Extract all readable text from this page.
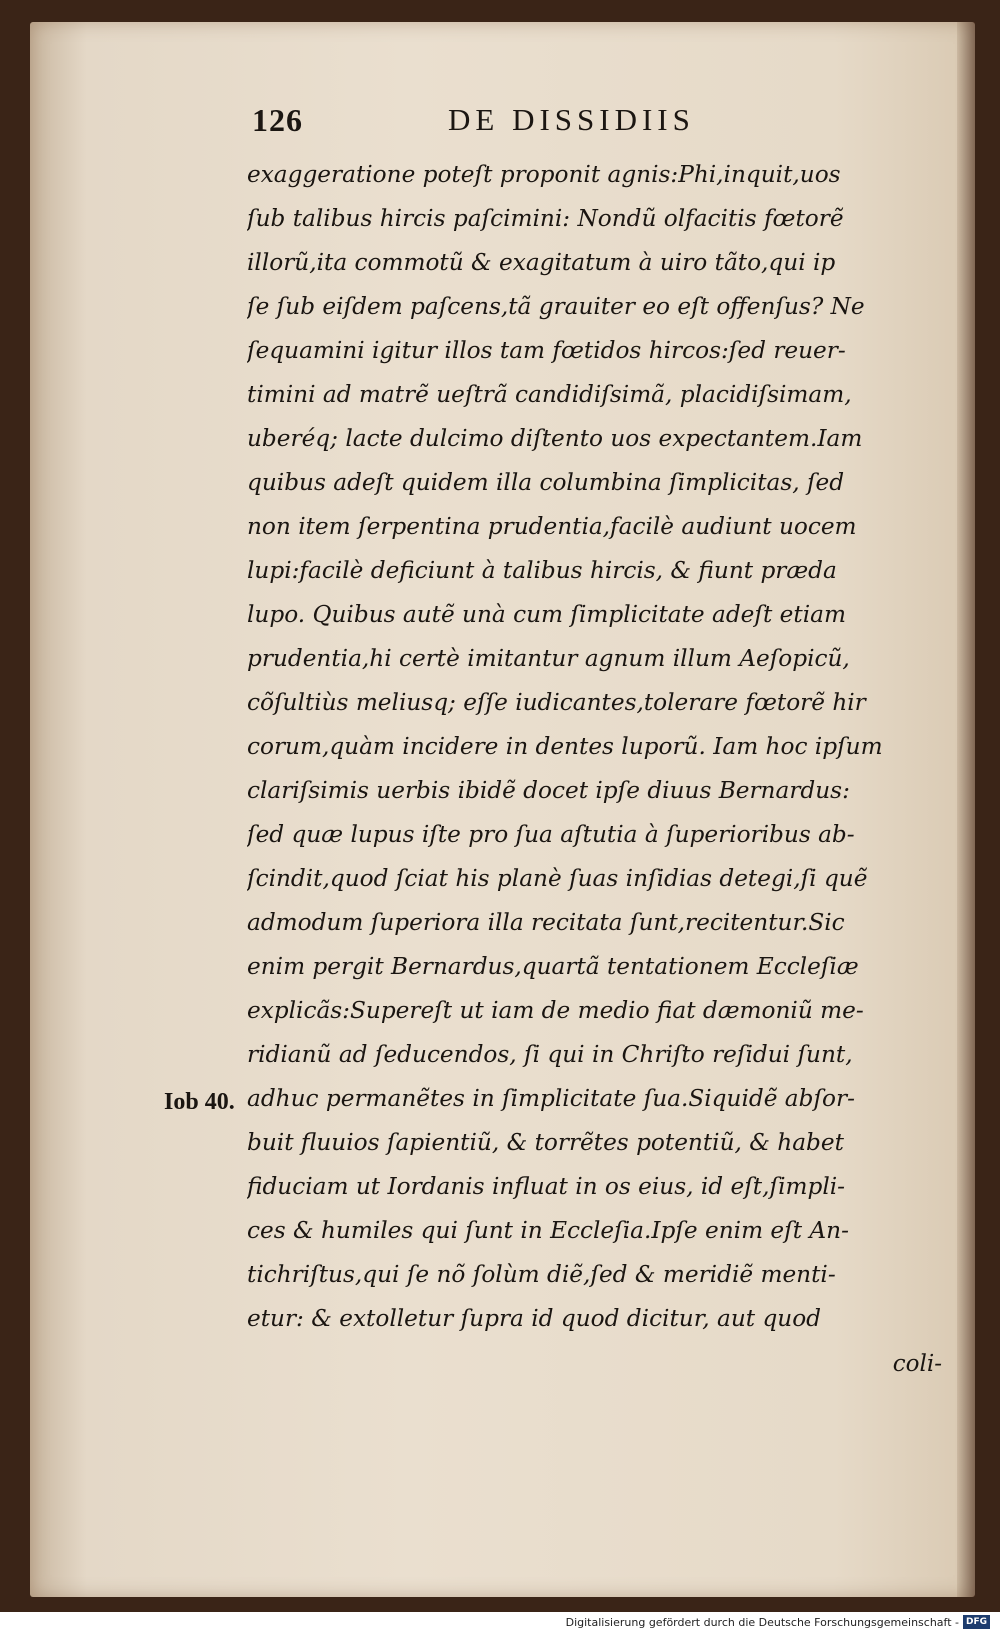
126	DE DISSIDIIS
Iob 40.
exaggeratione poteſt proponit agnis:Phi,inquit,uos
ſub talibus hircis paſcimini: Nondũ olfacitis fœtorẽ
illorũ,ita commotũ & exagitatum à uiro tãto,qui ip
ſe ſub eiſdem paſcens,tã grauiter eo eſt offenſus? Ne
ſequamini igitur illos tam fœtidos hircos:ſed reuer-
timini ad matrẽ ueſtrã candidiſsimã, placidiſsimam,
uberéq; lacte dulcimo diſtento uos expectantem.Iam
quibus adeſt quidem illa columbina ſimplicitas, ſed
non item ſerpentina prudentia,facilè audiunt uocem
lupi:facilè deficiunt à talibus hircis, & fiunt præda
lupo. Quibus autẽ unà cum ſimplicitate adeſt etiam
prudentia,hi certè imitantur agnum illum Aeſopicũ,
cõſultiùs meliusq; eſſe iudicantes,tolerare fœtorẽ hir
corum,quàm incidere in dentes luporũ. Iam hoc ipſum
clariſsimis uerbis ibidẽ docet ipſe diuus Bernardus:
ſed quæ lupus iſte pro ſua aſtutia à ſuperioribus ab-
ſcindit,quod ſciat his planè ſuas inſidias detegi,ſi quẽ
admodum ſuperiora illa recitata ſunt,recitentur.Sic
enim pergit Bernardus,quartã tentationem Eccleſiæ
explicãs:Supereſt ut iam de medio fiat dæmoniũ me-
ridianũ ad ſeducendos, ſi qui in Chriſto reſidui ſunt,
adhuc permanẽtes in ſimplicitate ſua.Siquidẽ abſor-
buit fluuios ſapientiũ, & torrẽtes potentiũ, & habet
fiduciam ut Iordanis influat in os eius, id eſt,ſimpli-
ces & humiles qui ſunt in Eccleſia.Ipſe enim eſt An-
tichriſtus,qui ſe nõ ſolùm diẽ,ſed & meridiẽ menti-
etur: & extolletur ſupra id quod dicitur, aut quod
coli-
Digitalisierung gefördert durch die Deutsche Forschungsgemeinschaft - DFG
